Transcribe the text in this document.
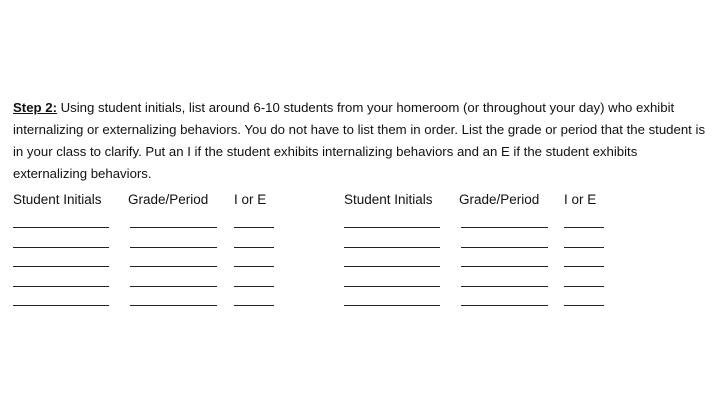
Step 2: Using student initials, list around 6-10 students from your homeroom (or throughout your day) who exhibit internalizing or externalizing behaviors. You do not have to list them in order. List the grade or period that the student is in your class to clarify. Put an I if the student exhibits internalizing behaviors and an E if the student exhibits externalizing behaviors.

Student Initials Grade/Period I or E	Student Initials Grade/Period I or E
